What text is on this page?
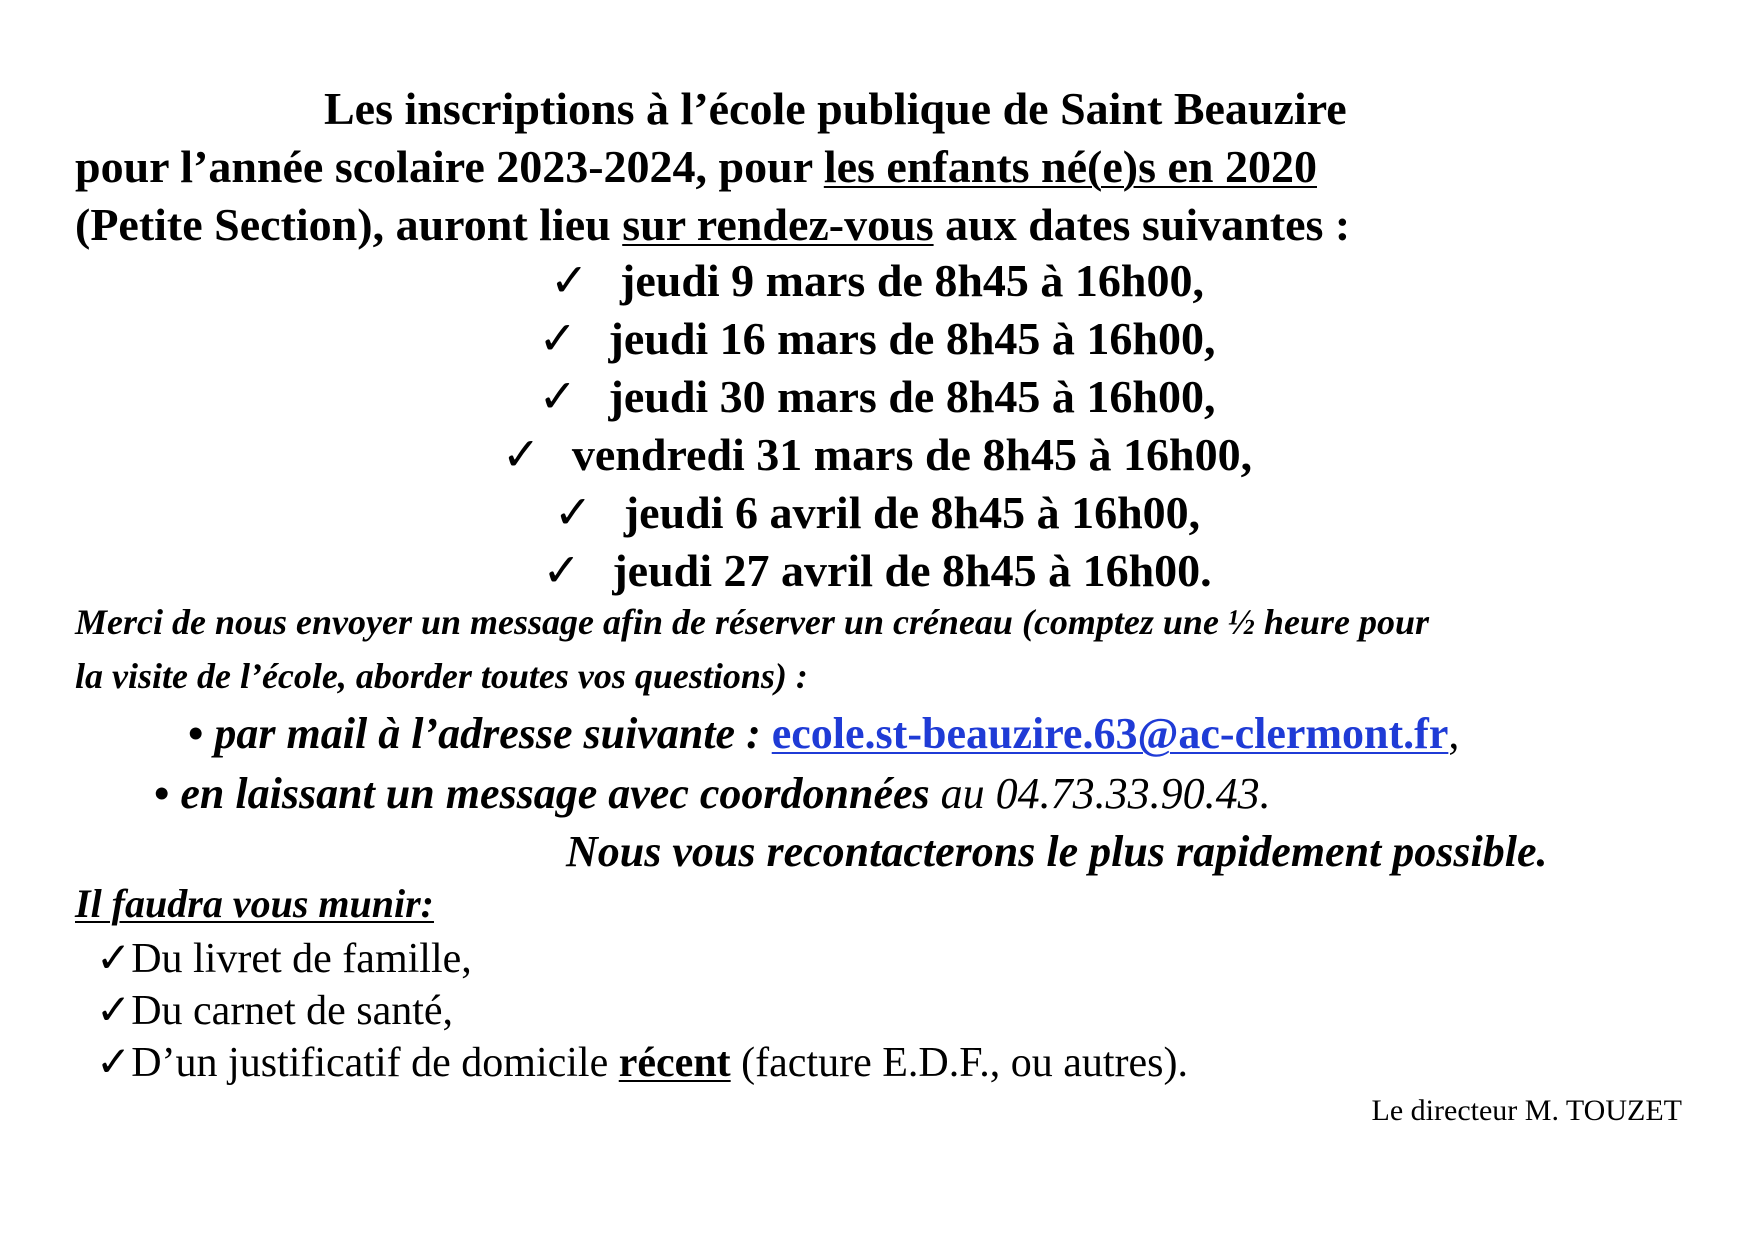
Les inscriptions à l’école publique de Saint Beauzire
pour l’année scolaire 2023-2024, pour les enfants né(e)s en 2020
(Petite Section), auront lieu sur rendez-vous aux dates suivantes :
✓ jeudi 9 mars de 8h45 à 16h00,
✓ jeudi 16 mars de 8h45 à 16h00,
✓ jeudi 30 mars de 8h45 à 16h00,
✓ vendredi 31 mars de 8h45 à 16h00,
✓ jeudi 6 avril de 8h45 à 16h00,
✓ jeudi 27 avril de 8h45 à 16h00.
Merci de nous envoyer un message afin de réserver un créneau (comptez une ½ heure pour
la visite de l’école, aborder toutes vos questions) :
• par mail à l’adresse suivante : ecole.st-beauzire.63@ac-clermont.fr,
• en laissant un message avec coordonnées au 04.73.33.90.43.
Nous vous recontacterons le plus rapidement possible.
Il faudra vous munir:
✓Du livret de famille,
✓Du carnet de santé,
✓D’un justificatif de domicile récent (facture E.D.F., ou autres).
Le directeur M. TOUZET
